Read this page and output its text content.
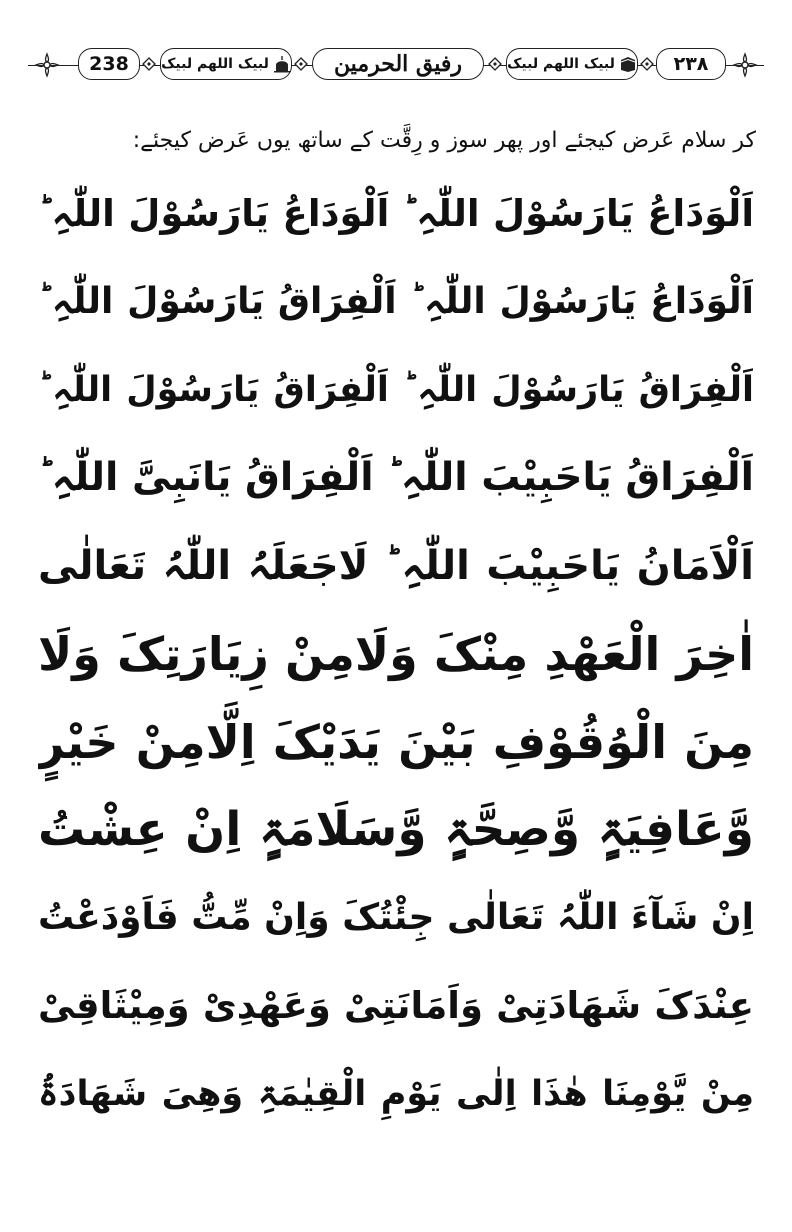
238	لبیک اللھم لبیک	رفیق الحرمین	لبیک اللھم لبیک	۲۳۸
کر سلام عَرض کیجئے اور پھر سوز و رِقَّت کے ساتھ یوں عَرض کیجئے:
اَلْوَدَاعُ یَارَسُوْلَ اللّٰہِ ؕ اَلْوَدَاعُ یَارَسُوْلَ اللّٰہِ ؕ
اَلْوَدَاعُ یَارَسُوْلَ اللّٰہِ ؕ اَلْفِرَاقُ یَارَسُوْلَ اللّٰہِ ؕ
اَلْفِرَاقُ یَارَسُوْلَ اللّٰہِ ؕ اَلْفِرَاقُ یَارَسُوْلَ اللّٰہِ ؕ
اَلْفِرَاقُ یَاحَبِیْبَ اللّٰہِ ؕ اَلْفِرَاقُ یَانَبِیَّ اللّٰہِ ؕ
اَلْاَمَانُ یَاحَبِیْبَ اللّٰہِ ؕ لَاجَعَلَہُ اللّٰہُ تَعَالٰی
اٰخِرَ الْعَھْدِ مِنْکَ وَلَامِنْ زِیَارَتِکَ وَلَا
مِنَ الْوُقُوْفِ بَیْنَ یَدَیْکَ اِلَّامِنْ خَیْرٍ
وَّعَافِیَۃٍ وَّصِحَّۃٍ وَّسَلَامَۃٍ اِنْ عِشْتُ
اِنْ شَآءَ اللّٰہُ تَعَالٰی جِئْتُکَ وَاِنْ مِّتُّ فَاَوْدَعْتُ
عِنْدَکَ شَھَادَتِیْ وَاَمَانَتِیْ وَعَھْدِیْ وَمِیْثَاقِیْ
مِنْ یَّوْمِنَا ھٰذَا اِلٰی یَوْمِ الْقِیٰمَۃِ وَھِیَ شَھَادَۃُ
